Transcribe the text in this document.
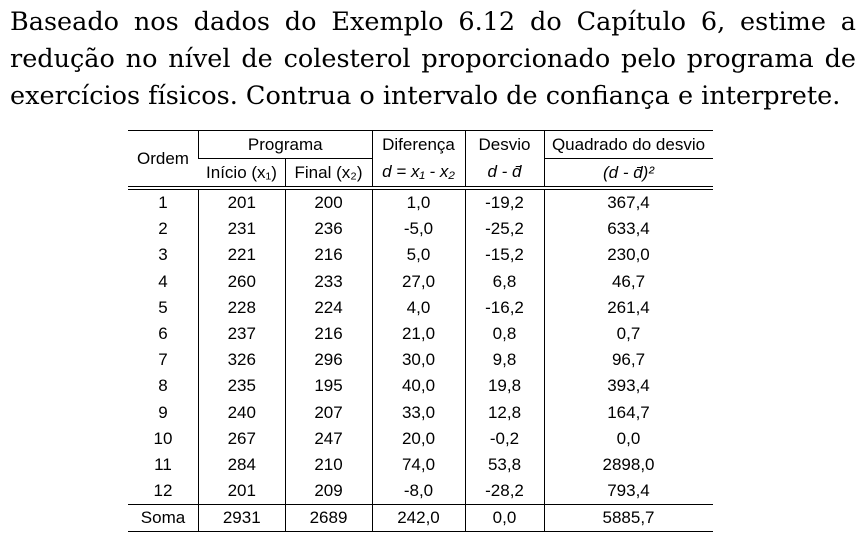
Baseado nos dados do Exemplo 6.12 do Capítulo 6, estime a
redução no nível de colesterol proporcionado pelo programa de
exercícios físicos. Contrua o intervalo de confiança e interprete.
Ordem	Programa		Diferença	Desvio	Quadrado do desvio
	Início (x₁)	Final (x₂)	d = x₁ - x₂	d - d̄	(d - d̄)²
1	201	200	1,0	-19,2	367,4
2	231	236	-5,0	-25,2	633,4
3	221	216	5,0	-15,2	230,0
4	260	233	27,0	6,8	46,7
5	228	224	4,0	-16,2	261,4
6	237	216	21,0	0,8	0,7
7	326	296	30,0	9,8	96,7
8	235	195	40,0	19,8	393,4
9	240	207	33,0	12,8	164,7
10	267	247	20,0	-0,2	0,0
11	284	210	74,0	53,8	2898,0
12	201	209	-8,0	-28,2	793,4
Soma	2931	2689	242,0	0,0	5885,7
